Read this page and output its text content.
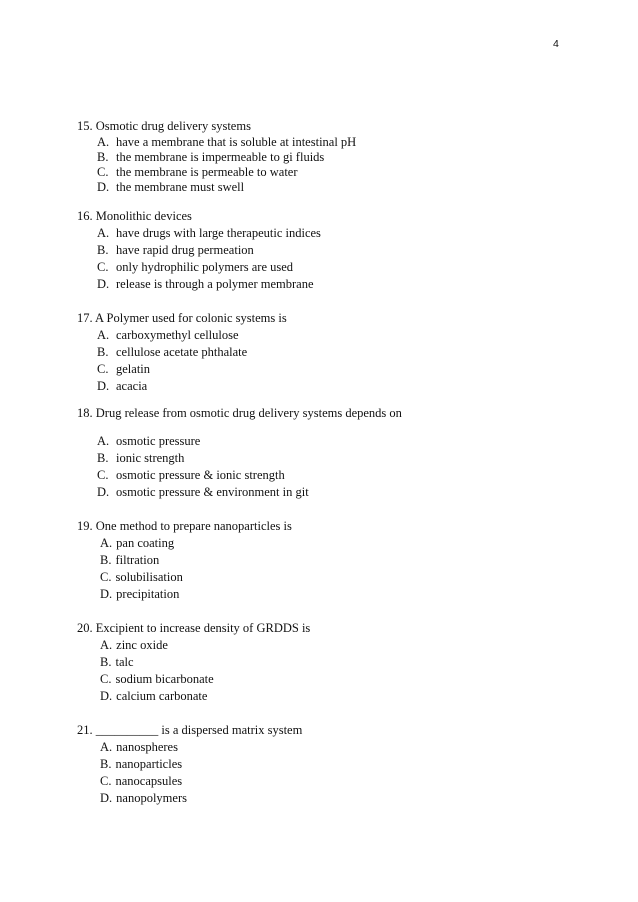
4
15. Osmotic drug delivery systems
A. have a membrane that is soluble at intestinal pH
B. the membrane is impermeable to gi fluids
C. the membrane is permeable to water
D. the membrane must swell
16. Monolithic devices
A. have drugs with large therapeutic indices
B. have rapid drug permeation
C. only hydrophilic polymers are used
D. release is through a polymer membrane
17. A Polymer used for colonic systems is
A. carboxymethyl cellulose
B. cellulose acetate phthalate
C. gelatin
D. acacia
18. Drug release from osmotic drug delivery systems depends on
A. osmotic pressure
B. ionic strength
C. osmotic pressure & ionic strength
D. osmotic pressure & environment in git
19. One method to prepare nanoparticles is
A. pan coating
B. filtration
C. solubilisation
D. precipitation
20. Excipient to increase density of GRDDS is
A. zinc oxide
B. talc
C. sodium bicarbonate
D. calcium carbonate
21. __________ is a dispersed matrix system
A. nanospheres
B. nanoparticles
C. nanocapsules
D. nanopolymers
